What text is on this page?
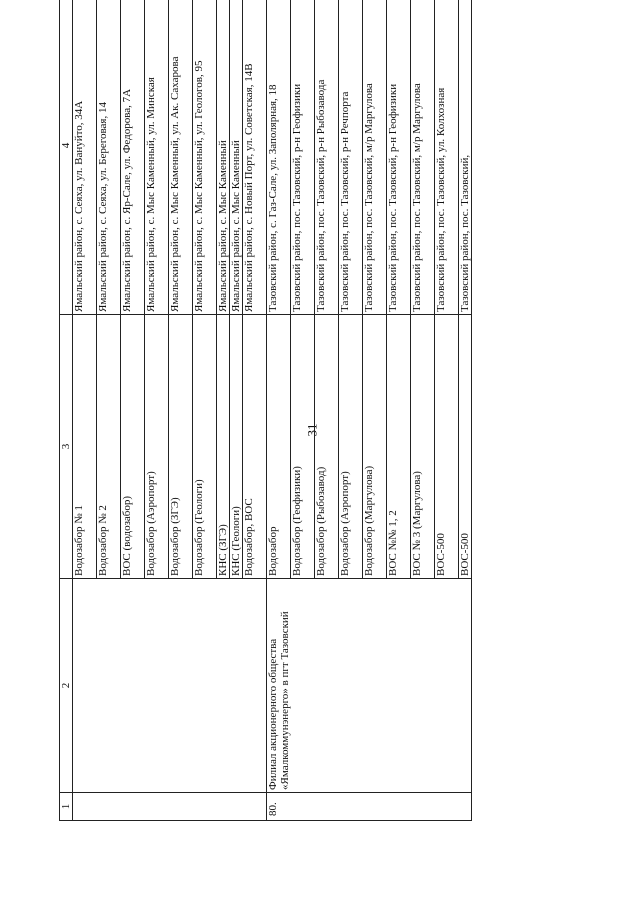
31
1	2	3	4

		Водозабор № 1	Ямальский район, с. Сеяха, ул. Вануйто, 34А

		Водозабор № 2	Ямальский район, с. Сеяха, ул. Береговая, 14

		ВОС (водозабор)	Ямальский район, с. Яр-Сале, ул. Федорова, 7А

		Водозабор (Аэропорт)	Ямальский район, с. Мыс Каменный, ул. Минская

		Водозабор (ЗГЭ)	Ямальский район, с. Мыс Каменный, ул. Ак. Сахарова

		Водозабор (Геологи)	Ямальский район, с. Мыс Каменный, ул. Геологов, 95

		КНС (ЗГЭ)	Ямальский район, с. Мыс Каменный

		КНС (Геологи)	Ямальский район, с. Мыс Каменный

		Водозабор, ВОС	Ямальский район, с. Новый Порт, ул. Советская, 14В

80.	Филиал акционерного общества «Ямалкоммунэнерго» в пгт Тазовский	Водозабор	Тазовский район, с. Газ-Сале, ул. Заполярная, 18

		Водозабор (Геофизики)	Тазовский район, пос. Тазовский, р-н Геофизики

		Водозабор (Рыбозавод)	Тазовский район, пос. Тазовский, р-н Рыбозавода

		Водозабор (Аэропорт)	Тазовский район, пос. Тазовский, р-н Речпорта

		Водозабор (Маргулова)	Тазовский район, пос. Тазовский, м/р Маргулова

		ВОС №№ 1, 2	Тазовский район, пос. Тазовский, р-н Геофизики

		ВОС № 3 (Маргулова)	Тазовский район, пос. Тазовский, м/р Маргулова

		ВОС-500	Тазовский район, пос. Тазовский, ул. Колхозная

		ВОС-500	Тазовский район, пос. Тазовский,
